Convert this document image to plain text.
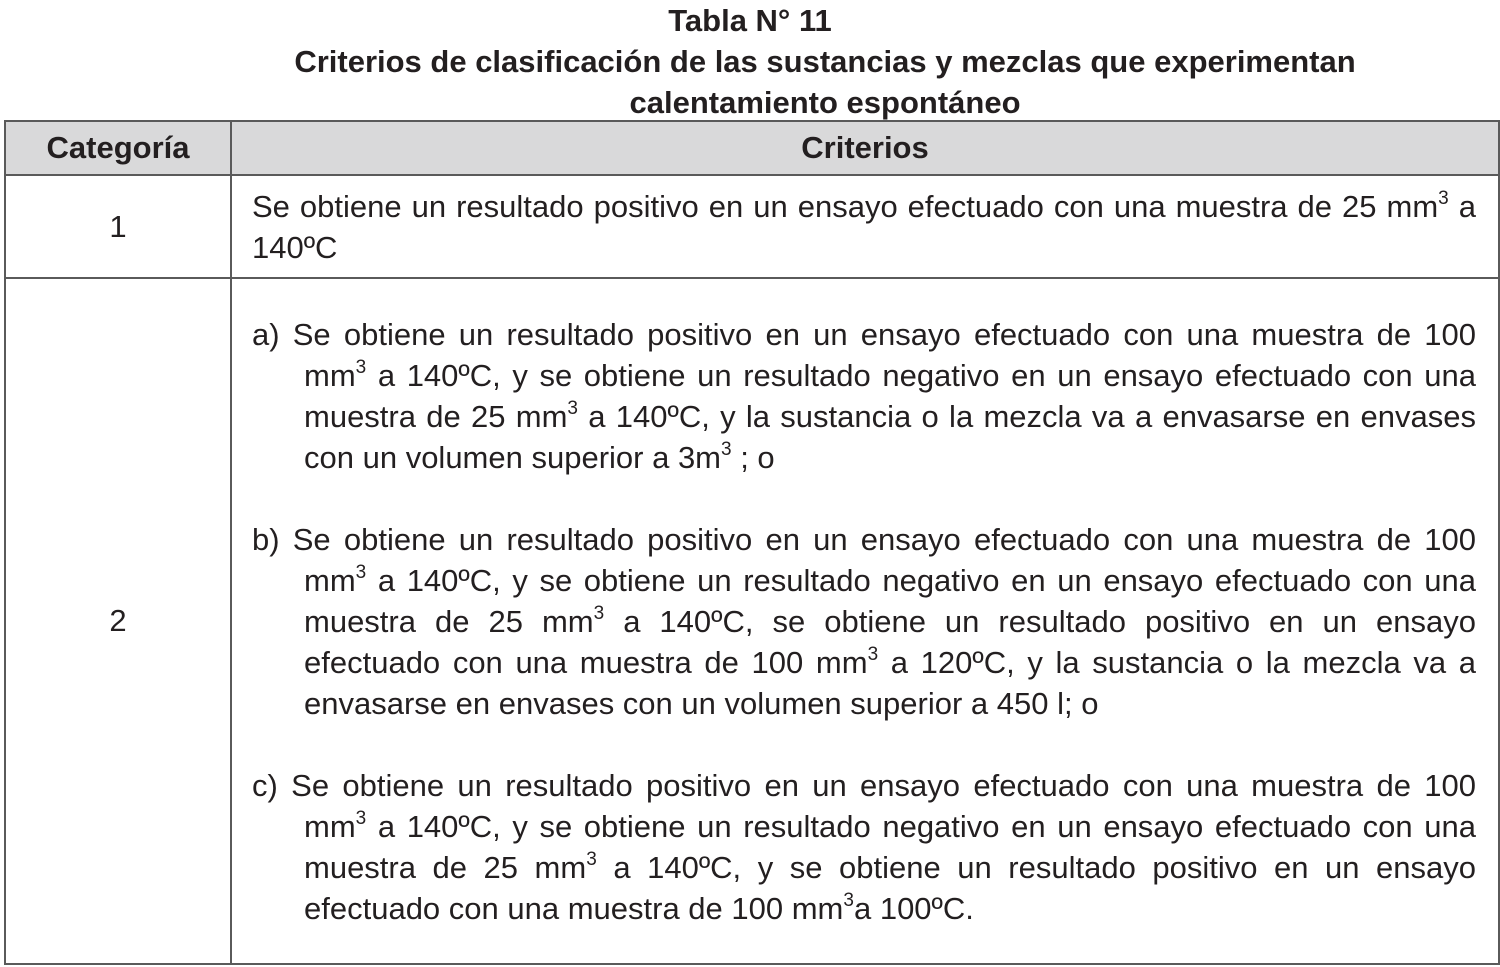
Tabla N° 11
Criterios de clasificación de las sustancias y mezclas que experimentan
calentamiento espontáneo
Categoría	Criterios
1	Se obtiene un resultado positivo en un ensayo efectuado con una muestra de 25 $mm^3$ a 140ºC

2	a) Se obtiene un resultado positivo en un ensayo efectuado con una muestra de 100 $mm^3$ a 140ºC, y se obtiene un resultado negativo en un ensayo efectuado con una muestra de 25 $mm^3$ a 140ºC, y la sustancia o la mezcla va a envasarse en envases con un volumen superior a $3m^3$ ; o

b) Se obtiene un resultado positivo en un ensayo efectuado con una muestra de 100 $mm^3$ a 140ºC, y se obtiene un resultado negativo en un ensayo efectuado con una muestra de 25 $mm^3$ a 140ºC, se obtiene un resultado positivo en un ensayo efectuado con una muestra de 100 $mm^3$ a 120ºC, y la sustancia o la mezcla va a envasarse en envases con un volumen superior a 450 l; o

c) Se obtiene un resultado positivo en un ensayo efectuado con una muestra de 100 $mm^3$ a 140ºC, y se obtiene un resultado negativo en un ensayo efectuado con una muestra de 25 $mm^3$ a 140ºC, y se obtiene un resultado positivo en un ensayo efectuado con una muestra de 100 $mm^3a$ 100ºC.
